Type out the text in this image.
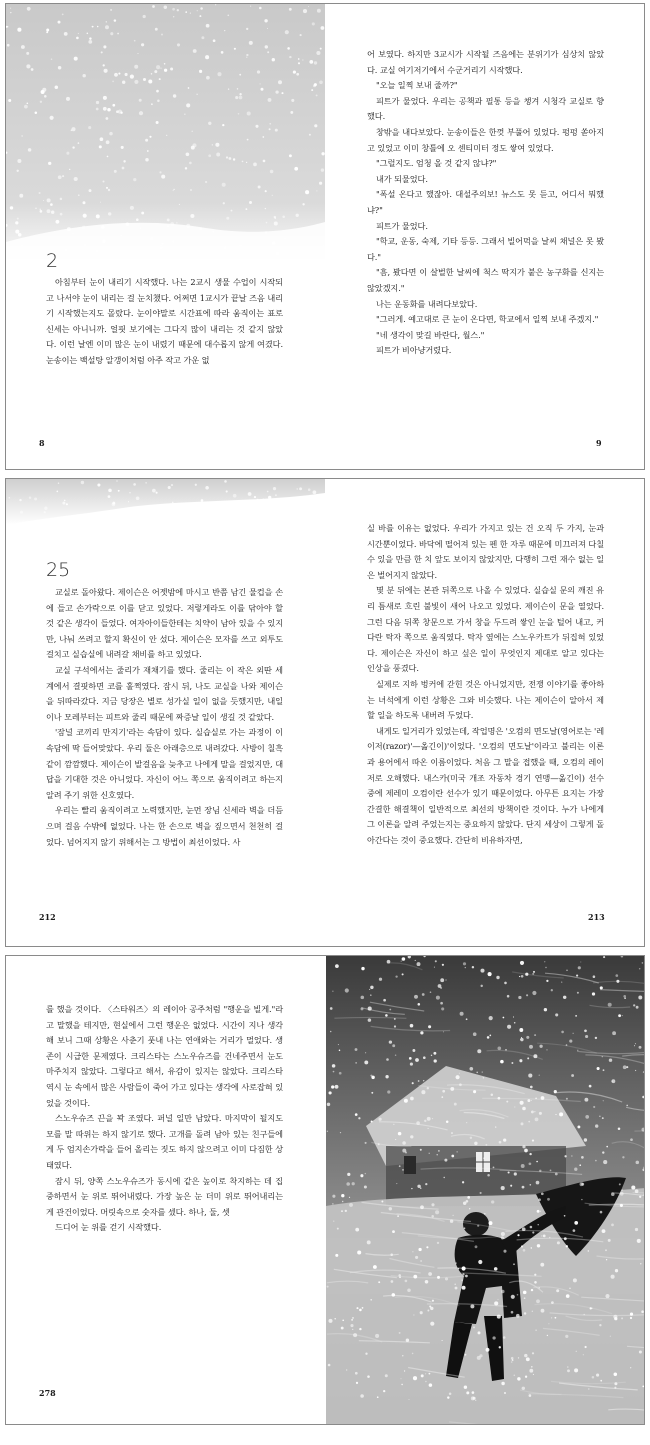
2

아침부터 눈이 내리기 시작했다. 나는 2교시 생물 수업이 시작되고 나서야 눈이 내리는 걸 눈치챘다. 어쩌면 1교시가 끝날 즈음 내리기 시작했는지도 몰랐다. 눈이야말로 시간표에 따라 움직이는 표로 신세는 아니니까. 얼핏 보기에는 그다지 많이 내리는 것 같지 않았다. 이런 날엔 이미 많은 눈이 내렸기 때문에 대수롭지 않게 여겼다. 눈송이는 백설탕 알갱이처럼 아주 작고 가운 없

어 보였다. 하지만 3교시가 시작될 즈음에는 분위기가 심상치 않았다. 교실 여기저기에서 수군거리기 시작했다.

"오늘 일찍 보내 줄까?"

피트가 물었다. 우리는 공책과 필통 등을 챙겨 시청각 교실로 향했다.

창밖을 내다보았다. 눈송이들은 한껏 부풀어 있었다. 펑펑 쏟아지고 있었고 이미 창틀에 오 센티미터 정도 쌓여 있었다.

"그럴지도. 엄청 올 것 같지 않냐?"

내가 되물었다.

"폭설 온다고 했잖아. 대설주의보! 뉴스도 못 듣고, 어디서 뭐했냐?"

피트가 물었다.

"학교, 운동, 숙제, 기타 등등. 그래서 빌어먹을 날씨 채널은 못 봤다."

"흠, 봤다면 이 살벌한 날씨에 척스 딱지가 붙은 농구화를 신지는 않았겠지."

나는 운동화를 내려다보았다.

"그러게. 예고대로 큰 눈이 온다면, 학교에서 일찍 보내 주겠지."

"네 생각이 맞길 바란다, 월스."

피트가 비아냥거렸다.

8	9
25

교실로 돌아왔다. 제이슨은 어젯밤에 마시고 반쯤 남긴 물컵을 손에 들고 손가락으로 이를 닫고 있었다. 저렇게라도 이를 닦아야 할 것 같은 생각이 들었다. 여자아이들한테는 치약이 남아 있을 수 있지만, 나눠 쓰려고 할지 확신이 안 섰다. 제이슨은 모자를 쓰고 외투도 걸치고 실습실에 내려갈 채비를 하고 있었다.

교실 구석에서는 줄리가 재채기를 했다. 줄리는 이 작은 외딴 세계에서 결핏하면 코를 훌쩍였다. 잠시 뒤, 나도 교실을 나와 제이슨을 뒤따라갔다. 지금 당장은 별로 성가실 일이 없을 듯했지만, 내일이나 모레부터는 피트와 줄리 때문에 짜증날 일이 생길 것 같았다.

'잠널 코끼리 만지기'라는 속담이 있다. 실습실로 가는 과정이 이 속담에 딱 들어맞았다. 우리 둘은 아래층으로 내려갔다. 사방이 칠흑같이 깜깜했다. 제이슨이 발걸음을 늦추고 나에게 말을 걸었지만, 대답을 기대한 것은 아니었다. 자신이 어느 쪽으로 움직이려고 하는지 알려 주기 위한 신호였다.

우리는 빨리 움직이려고 노력했지만, 눈먼 장님 신세라 벽을 더듬으며 걸음 수밖에 없었다. 나는 한 손으로 벽을 짚으면서 천천히 걸었다. 넘어지지 않기 위해서는 그 방법이 최선이었다. 사

실 바를 이유는 없었다. 우리가 가지고 있는 건 오직 두 가지, 눈과 시간뿐이었다. 바닥에 떨어져 있는 펜 한 자루 때문에 미끄러져 다칠 수 있을 만큼 한 치 앞도 보이지 않았지만, 다행히 그런 재수 없는 일은 벌어지지 않았다.

몇 분 뒤에는 본관 뒤쪽으로 나올 수 있었다. 실습실 문의 깨진 유리 틈새로 흐린 불빛이 새어 나오고 있었다. 제이슨이 문을 열었다. 그런 다음 뒤쪽 창문으로 가서 창을 두드려 쌓인 눈을 털어 내고, 커다란 탁자 쪽으로 움직였다. 탁자 옆에는 스노우카트가 뒤집혀 있었다. 제이슨은 자신이 하고 싶은 일이 무엇인지 제대로 알고 있다는 인상을 풍겼다.

실제로 지하 벙커에 갇힌 것은 아니었지만, 전쟁 이야기를 좋아하는 녀석에게 이런 상황은 그와 비슷했다. 나는 제이슨이 알아서 제 할 일을 하도록 내버려 두었다.

내게도 일거리가 있었는데, 작업명은 '오컴의 면도날(영어로는 '레이저(razor)'—옮긴이)'이었다. '오컴의 면도날'이라고 불리는 이론과 용어에서 따온 이름이었다. 처음 그 말을 접했을 때, 오컴의 레이저로 오해했다. 내스카(미국 개조 자동차 경기 연맹—옮긴이) 선수 중에 제레미 오컴이란 선수가 있기 때문이었다. 아무튼 요지는 가장 간결한 해결책이 일반적으로 최선의 방책이란 것이다. 누가 나에게 그 이론을 알려 주었는지는 중요하지 않았다. 단지 세상이 그렇게 돌아간다는 것이 중요했다. 간단히 비유하자면,

212	213

를 했을 것이다. 〈스타워즈〉의 레이아 공주처럼 "행운을 빌게."라고 말했을 테지만, 현실에서 그런 행운은 없었다. 시간이 지나 생각해 보니 그때 상황은 사춘기 풋내 나는 연애와는 거리가 멀었다. 생존이 시급한 문제였다. 크리스타는 스노우슈즈를 건네주면서 눈도 마주치지 않았다. 그렇다고 해서, 유감이 있지는 않았다. 크리스타 역시 눈 속에서 많은 사람들이 죽어 가고 있다는 생각에 사로잡혀 있었을 것이다.

스노우슈즈 끈을 꽉 조였다. 퍼널 일만 남았다. 마지막이 될지도 모를 말 따위는 하지 않기로 했다. 고개를 돌려 남아 있는 친구들에게 두 엄지손가락을 들어 올리는 짓도 하지 않으려고 이미 다짐한 상태였다.

잠시 뒤, 양쪽 스노우슈즈가 동시에 같은 높이로 착지하는 데 집중하면서 눈 위로 뛰어내렸다. 가장 높은 눈 더미 위로 뛰어내리는 게 관건이었다. 머릿속으로 숫자를 셌다. 하나, 둘, 셋

드디어 눈 위를 걷기 시작했다.

278
